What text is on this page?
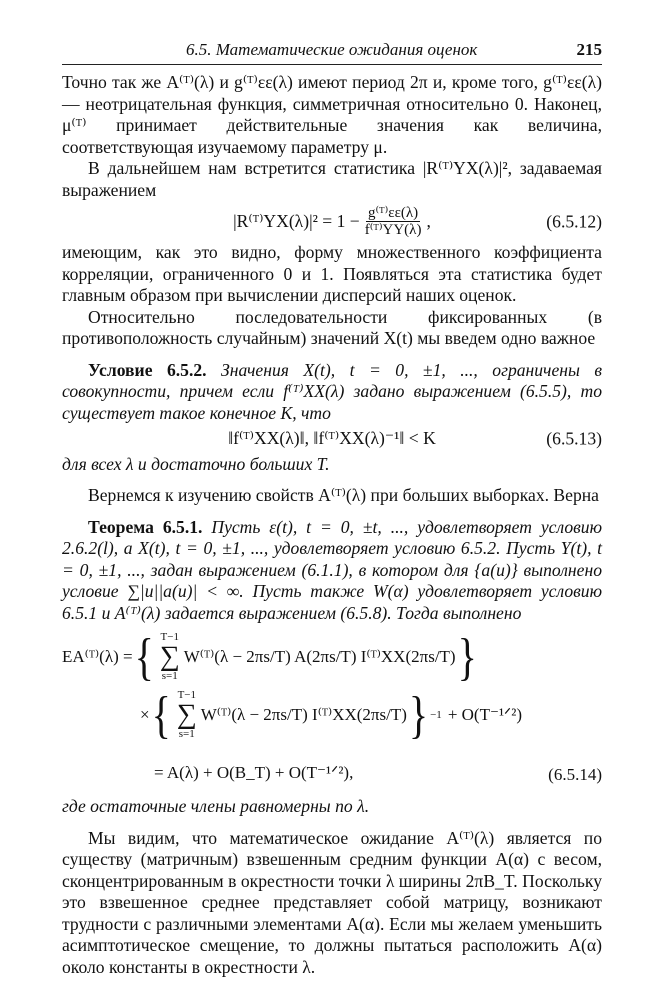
6.5. Математические ожидания оценок	215

Точно так же A⁽ᵀ⁾(λ) и g⁽ᵀ⁾εε(λ) имеют период 2π и, кроме того, g⁽ᵀ⁾εε(λ) — неотрицательная функция, симметричная относительно 0. Наконец, μ⁽ᵀ⁾ принимает действительные значения как величина, соответствующая изучаемому параметру μ.

В дальнейшем нам встретится статистика |R⁽ᵀ⁾YX(λ)|², задаваемая выражением

|R⁽ᵀ⁾YX(λ)|² = $1 - \frac{\text{g⁽ᵀ⁾εε(λ)}}{\text{f⁽ᵀ⁾YY(λ)}}$ ,	(6.5.12)

имеющим, как это видно, форму множественного коэффициента корреляции, ограниченного 0 и 1. Появляться эта статистика будет главным образом при вычислении дисперсий наших оценок.

Относительно последовательности фиксированных (в противоположность случайным) значений X(t) мы введем одно важное

Условие 6.5.2. Значения X(t), t = 0, ±1, ..., ограничены в совокупности, причем если f⁽ᵀ⁾XX(λ) задано выражением (6.5.5), то существует такое конечное K, что

‖f⁽ᵀ⁾XX(λ)‖, ‖f⁽ᵀ⁾XX(λ)⁻¹‖ < K	(6.5.13)

для всех λ и достаточно больших T.

Вернемся к изучению свойств A⁽ᵀ⁾(λ) при больших выборках. Верна

Теорема 6.5.1. Пусть ε(t), t = 0, ±t, ..., удовлетворяет условию 2.6.2(l), а X(t), t = 0, ±1, ..., удовлетворяет условию 6.5.2. Пусть Y(t), t = 0, ±1, ..., задан выражением (6.1.1), в котором для {a(u)} выполнено условие ∑|u||a(u)| < ∞. Пусть также W(α) удовлетворяет условию 6.5.1 и A⁽ᵀ⁾(λ) задается выражением (6.5.8). Тогда выполнено

EA⁽ᵀ⁾(λ) = { T−1
∑
s=1
W⁽ᵀ⁾(λ − 2πs/T) A(2πs/T) I⁽ᵀ⁾XX(2πs/T) }
× { T−1
∑
s=1
W⁽ᵀ⁾(λ − 2πs/T) I⁽ᵀ⁾XX(2πs/T) } −1 + O(T⁻¹ᐟ²)
= A(λ) + O(B_T) + O(T⁻¹ᐟ²),	(6.5.14)

где остаточные члены равномерны по λ.

Мы видим, что математическое ожидание A⁽ᵀ⁾(λ) является по существу (матричным) взвешенным средним функции A(α) с весом, сконцентрированным в окрестности точки λ ширины 2πB_T. Поскольку это взвешенное среднее представляет собой матрицу, возникают трудности с различными элементами A(α). Если мы желаем уменьшить асимптотическое смещение, то должны пытаться расположить A(α) около константы в окрестности λ.
